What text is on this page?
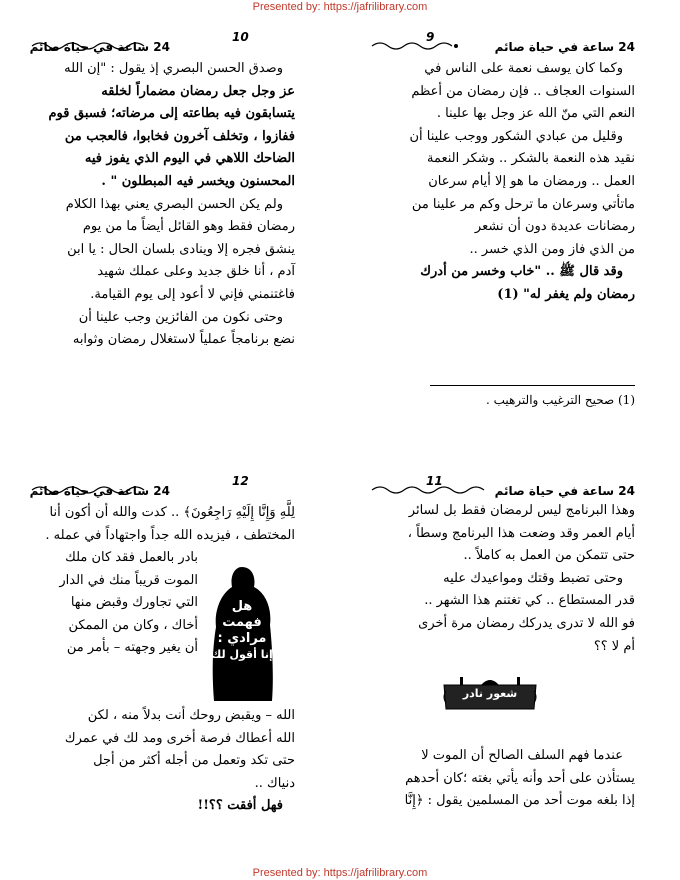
Presented by: https://jafrilibrary.com
Presented by: https://jafrilibrary.com
9
24 ساعة في حياة صائم

وكما كان يوسف نعمة على الناس في

السنوات العجاف .. فإن رمضان من أعظم

النعم التي منّ الله عز وجل بها علينا .

وقليل من عبادي الشكور ووجب علينا أن

نقيد هذه النعمة بالشكر .. وشكر النعمة

العمل .. ورمضان ما هو إلا أيام سرعان

ماتأتي وسرعان ما ترحل وكم مر علينا من

رمضانات عديدة دون أن نشعر

من الذي فاز ومن الذي خسر ..

وقد قال ﷺ .. "خاب وخسر من أدرك

رمضان ولم يغفر له" (1)

(1) صحيح الترغيب والترهيب .
10
24 ساعة في حياة صائم

وصدق الحسن البصري إذ يقول : "إن الله

عز وجل جعل رمضان مضماراً لخلقه

يتسابقون فيه بطاعته إلى مرضاته؛ فسبق قوم

ففازوا ، وتخلف آخرون فخابوا، فالعجب من

الضاحك اللاهي في اليوم الذي يفوز فيه

المحسنون ويخسر فيه المبطلون " .

ولم يكن الحسن البصري يعني بهذا الكلام

رمضان فقط وهو القائل أيضاً ما من يوم

ينشق فجره إلا وينادى بلسان الحال : يا ابن

آدم ، أنا خلق جديد وعلى عملك شهيد

فاغتنمني فإني لا أعود إلى يوم القيامة.

وحتى نكون من الفائزين وجب علينا أن

نضع برنامجاً عملياً لاستغلال رمضان وثوابه

11
24 ساعة في حياة صائم

وهذا البرنامج ليس لرمضان فقط بل لسائر

أيام العمر وقد وضعت هذا البرنامج وسطاً ،

حتى تتمكن من العمل به كاملاً ..

وحتى تضبط وقتك ومواعيدك عليه

قدر المستطاع .. كي تغتنم هذا الشهر ..

فو الله لا تدرى يدركك رمضان مرة أخرى

أم لا ؟؟

شعور نادر

عندما فهم السلف الصالح أن الموت لا

يستأذن على أحد وأنه يأتي بغته ؛كان أحدهم

إذا بلغه موت أحد من المسلمين يقول : ﴿إِنَّا

12
24 ساعة في حياة صائم

لِلَّهِ وَإِنَّا إِلَيْهِ رَاجِعُونَ﴾ .. كدت والله أن أكون أنا

المختطف ، فيزيده الله جداً واجتهاداً في عمله .

هل
فهمت
مرادي :
إنا أقول لك

بادر بالعمل فقد كان ملك

الموت قريباً منك في الدار

التي تجاورك وقبض منها

أخاك ، وكان من الممكن

أن يغير وجهته – بأمر من

الله – ويقبض روحك أنت بدلاً منه ، لكن

الله أعطاك فرصة أخرى ومد لك في عمرك

حتى تكد وتعمل من أجله أكثر من أجل

دنياك ..

فهل أفقت ؟؟!!
